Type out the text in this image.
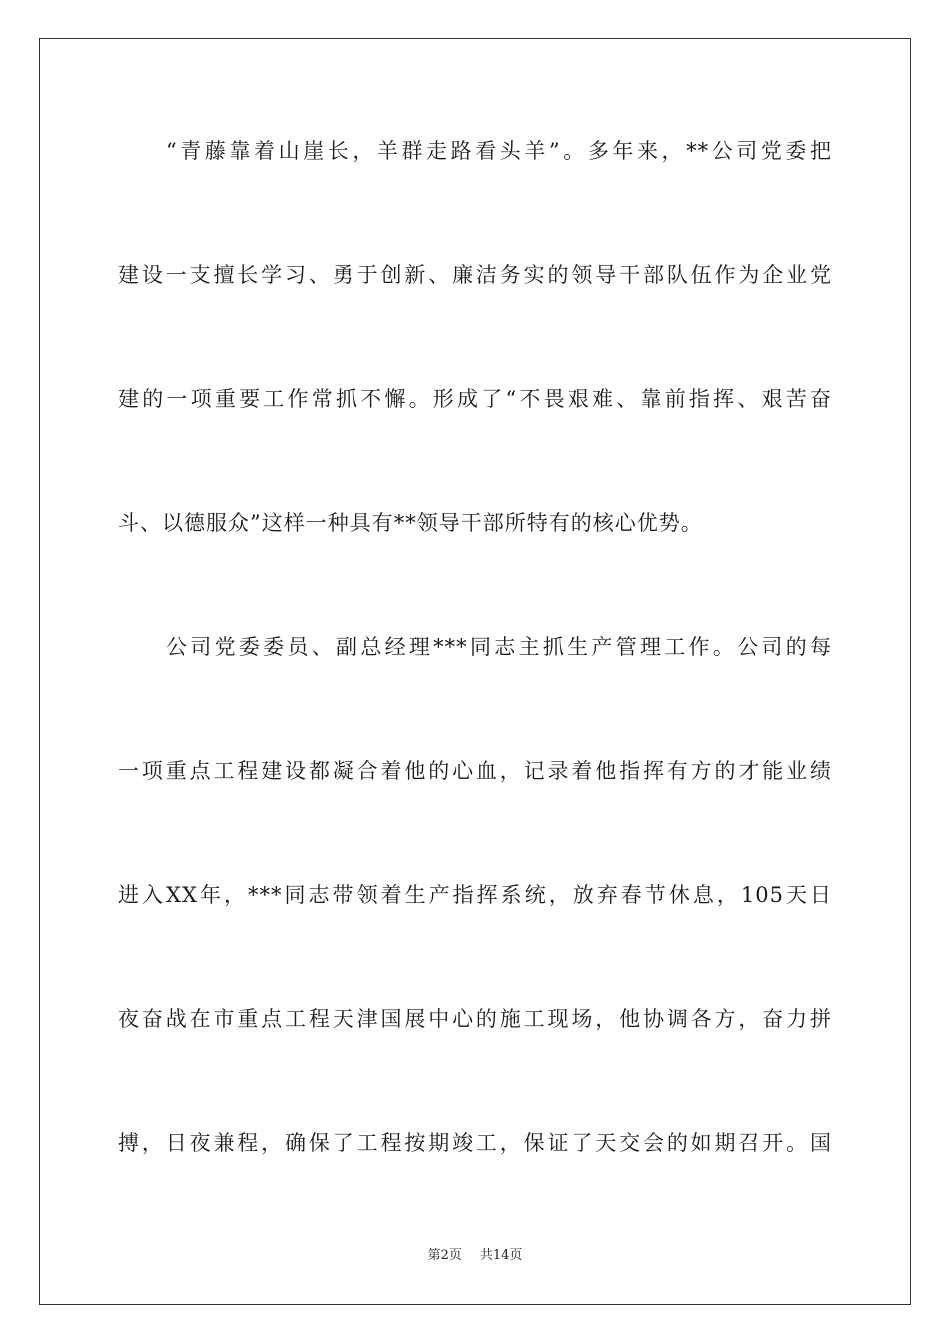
“青藤靠着山崖长，羊群走路看头羊”。多年来，**公司党委把
建设一支擅长学习、勇于创新、廉洁务实的领导干部队伍作为企业党
建的一项重要工作常抓不懈。形成了“不畏艰难、靠前指挥、艰苦奋
斗、以德服众”这样一种具有**领导干部所特有的核心优势。
公司党委委员、副总经理***同志主抓生产管理工作。公司的每
一项重点工程建设都凝合着他的心血，记录着他指挥有方的才能业绩
进入XX年，***同志带领着生产指挥系统，放弃春节休息，105天日
夜奋战在市重点工程天津国展中心的施工现场，他协调各方，奋力拼
搏，日夜兼程，确保了工程按期竣工，保证了天交会的如期召开。国
第2页 共14页
